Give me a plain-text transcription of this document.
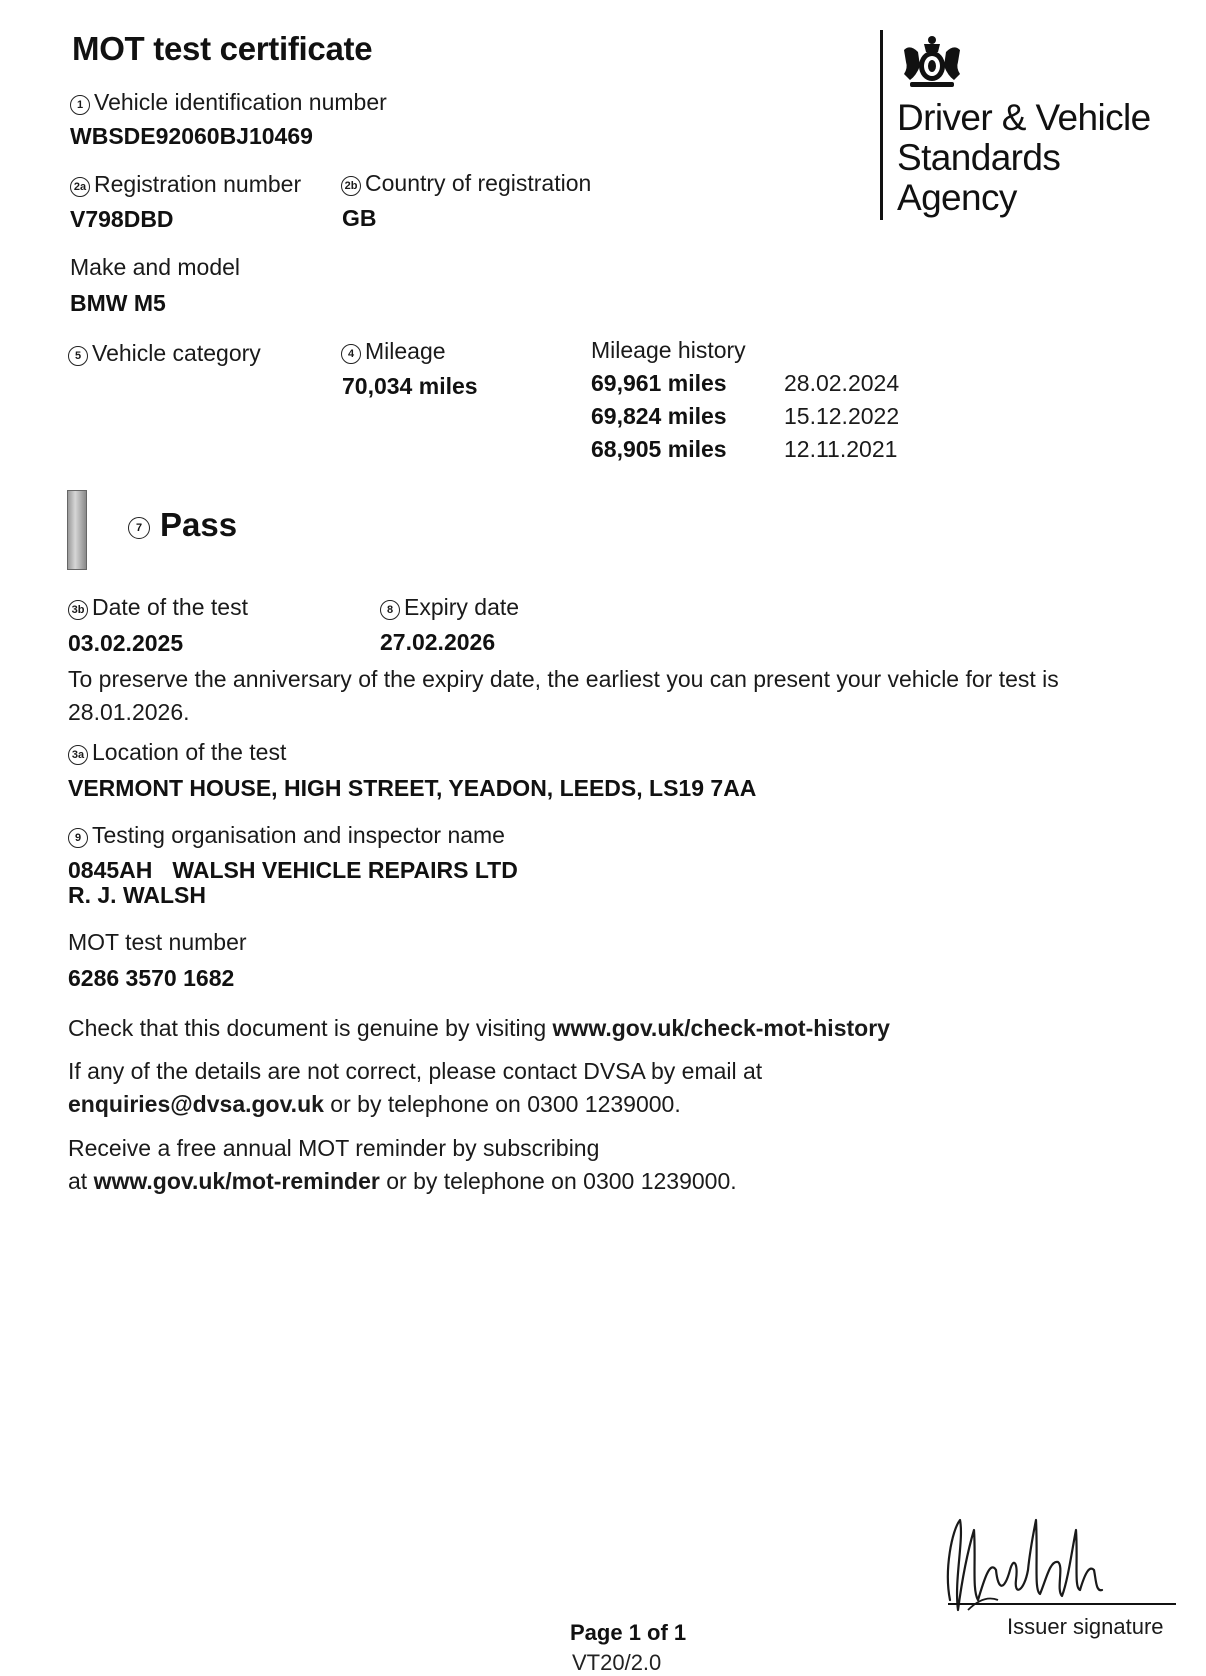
MOT test certificate
Driver & Vehicle
Standards
Agency
1 Vehicle identification number
WBSDE92060BJ10469
2a Registration number
V798DBD
2b Country of registration
GB
Make and model
BMW M5
5 Vehicle category	4 Mileage
70,034 miles
Mileage history
69,961 miles 28.02.2024
69,824 miles 15.12.2022
68,905 miles 12.11.2021
7 Pass
3b Date of the test
03.02.2025
8 Expiry date
27.02.2026
To preserve the anniversary of the expiry date, the earliest you can present your vehicle for test is
28.01.2026.
3a Location of the test
VERMONT HOUSE, HIGH STREET, YEADON, LEEDS, LS19 7AA
9 Testing organisation and inspector name
0845AH WALSH VEHICLE REPAIRS LTD
R. J. WALSH
MOT test number
6286 3570 1682
Check that this document is genuine by visiting www.gov.uk/check-mot-history
If any of the details are not correct, please contact DVSA by email at
enquiries@dvsa.gov.uk or by telephone on 0300 1239000.
Receive a free annual MOT reminder by subscribing
at www.gov.uk/mot-reminder or by telephone on 0300 1239000.
Issuer signature
Page 1 of 1
VT20/2.0
